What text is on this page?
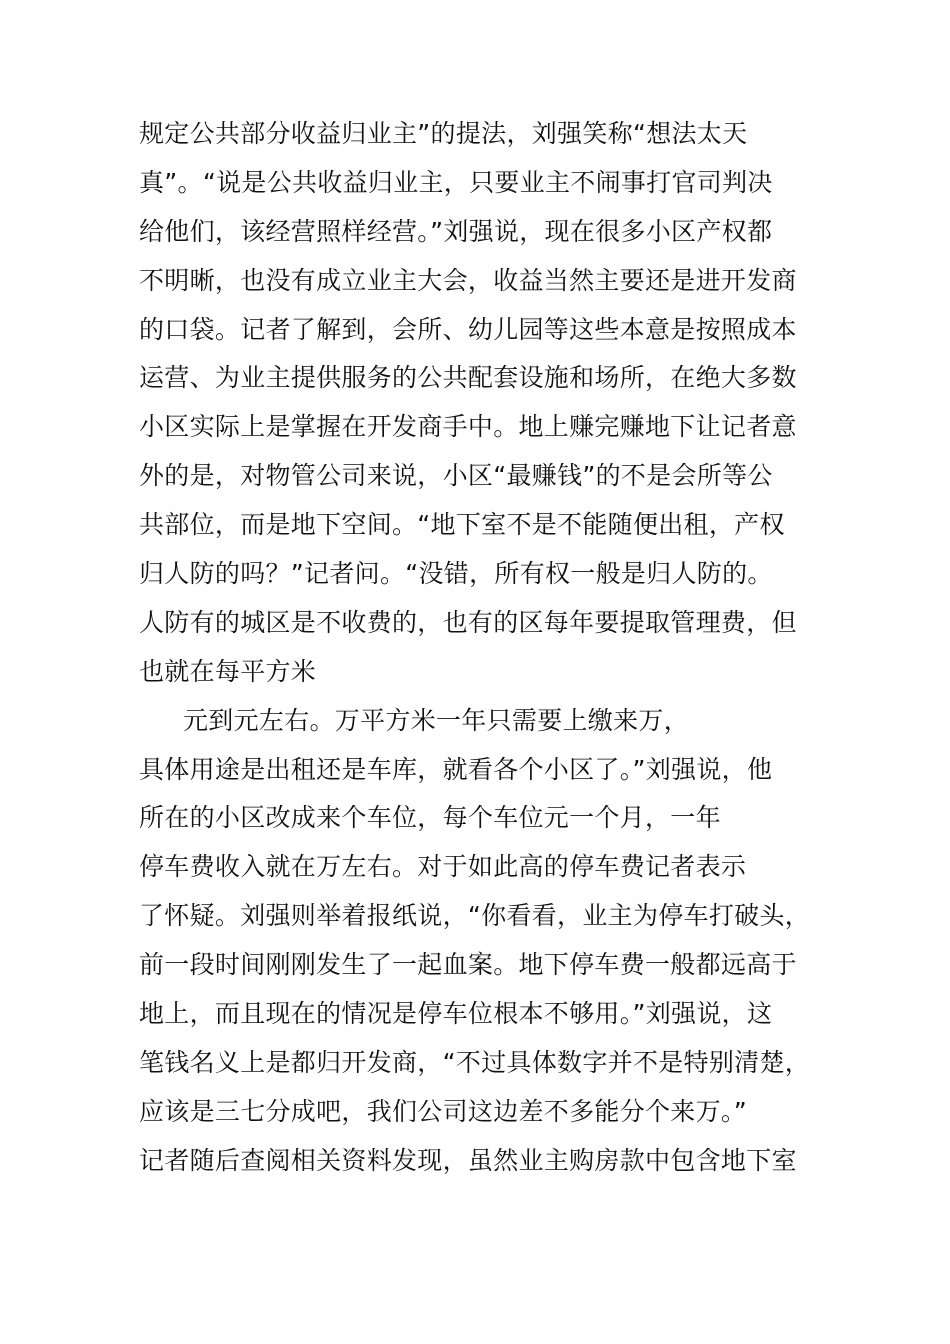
规定公共部分收益归业主”的提法，刘强笑称“想法太天
真”。“说是公共收益归业主，只要业主不闹事打官司判决
给他们，该经营照样经营。”刘强说，现在很多小区产权都
不明晰，也没有成立业主大会，收益当然主要还是进开发商
的口袋。记者了解到，会所、幼儿园等这些本意是按照成本
运营、为业主提供服务的公共配套设施和场所，在绝大多数
小区实际上是掌握在开发商手中。地上赚完赚地下让记者意
外的是，对物管公司来说，小区“最赚钱”的不是会所等公
共部位，而是地下空间。“地下室不是不能随便出租，产权
归人防的吗？”记者问。“没错，所有权一般是归人防的。
人防有的城区是不收费的，也有的区每年要提取管理费，但
也就在每平方米
元到元左右。万平方米一年只需要上缴来万，
具体用途是出租还是车库，就看各个小区了。”刘强说，他
所在的小区改成来个车位，每个车位元一个月，一年
停车费收入就在万左右。对于如此高的停车费记者表示
了怀疑。刘强则举着报纸说，“你看看，业主为停车打破头，
前一段时间刚刚发生了一起血案。地下停车费一般都远高于
地上，而且现在的情况是停车位根本不够用。”刘强说，这
笔钱名义上是都归开发商，“不过具体数字并不是特别清楚，
应该是三七分成吧，我们公司这边差不多能分个来万。”
记者随后查阅相关资料发现，虽然业主购房款中包含地下室
